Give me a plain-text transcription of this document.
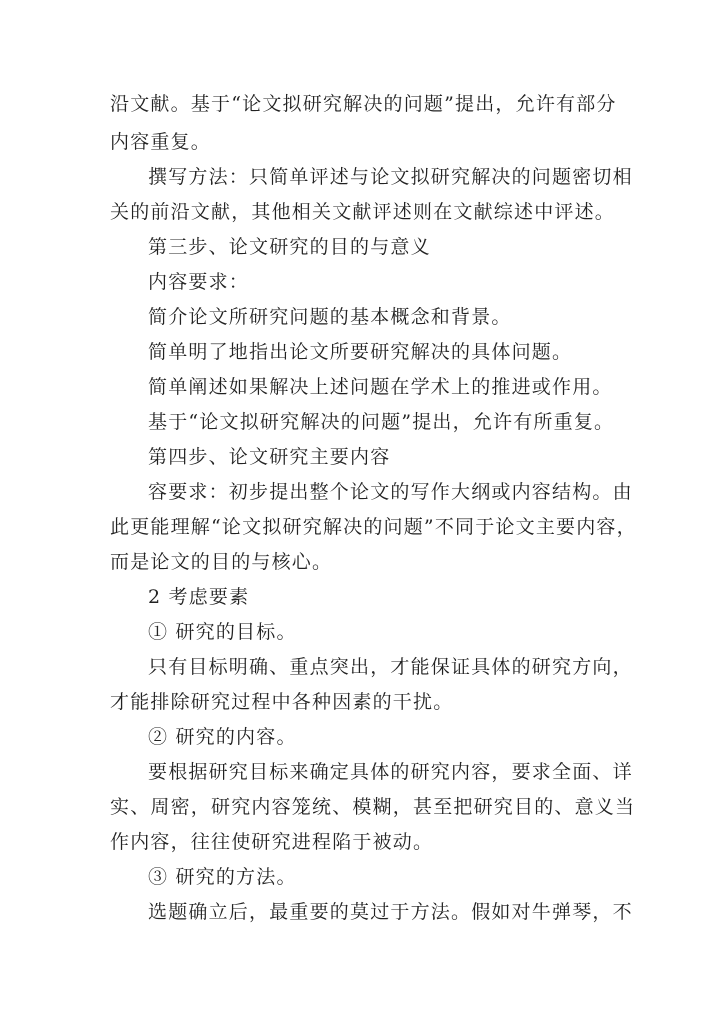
沿文献。基于“论文拟研究解决的问题”提出，允许有部分
内容重复。
撰写方法：只简单评述与论文拟研究解决的问题密切相
关的前沿文献，其他相关文献评述则在文献综述中评述。
第三步、论文研究的目的与意义
内容要求：
简介论文所研究问题的基本概念和背景。
简单明了地指出论文所要研究解决的具体问题。
简单阐述如果解决上述问题在学术上的推进或作用。
基于“论文拟研究解决的问题”提出，允许有所重复。
第四步、论文研究主要内容
容要求：初步提出整个论文的写作大纲或内容结构。由
此更能理解“论文拟研究解决的问题”不同于论文主要内容，
而是论文的目的与核心。
2 考虑要素
① 研究的目标。
只有目标明确、重点突出，才能保证具体的研究方向，
才能排除研究过程中各种因素的干扰。
② 研究的内容。
要根据研究目标来确定具体的研究内容，要求全面、详
实、周密，研究内容笼统、模糊，甚至把研究目的、意义当
作内容，往往使研究进程陷于被动。
③ 研究的方法。
选题确立后，最重要的莫过于方法。假如对牛弹琴，不
